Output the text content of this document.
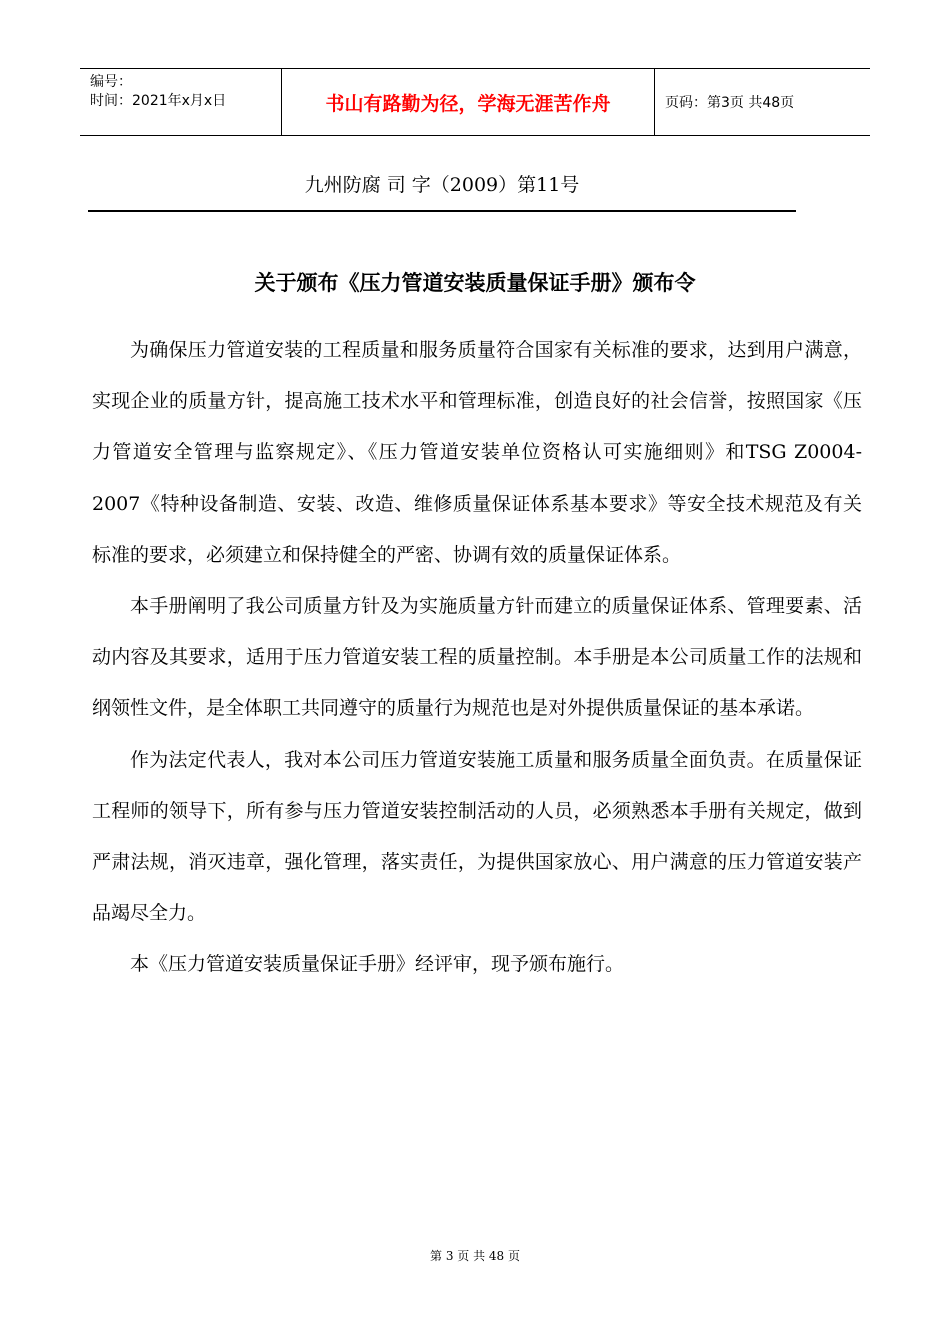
编号：
时间：2021年x月x日	书山有路勤为径，学海无涯苦作舟	页码：第3页 共48页
九州防腐 司 字（2009）第11号
关于颁布《压力管道安装质量保证手册》颁布令

为确保压力管道安装的工程质量和服务质量符合国家有关标准的要求，达到用户满意，实现企业的质量方针，提高施工技术水平和管理标准，创造良好的社会信誉，按照国家《压力管道安全管理与监察规定》、《压力管道安装单位资格认可实施细则》和TSG Z0004-2007《特种设备制造、安装、改造、维修质量保证体系基本要求》等安全技术规范及有关标准的要求，必须建立和保持健全的严密、协调有效的质量保证体系。

本手册阐明了我公司质量方针及为实施质量方针而建立的质量保证体系、管理要素、活动内容及其要求，适用于压力管道安装工程的质量控制。本手册是本公司质量工作的法规和纲领性文件，是全体职工共同遵守的质量行为规范也是对外提供质量保证的基本承诺。

作为法定代表人，我对本公司压力管道安装施工质量和服务质量全面负责。在质量保证工程师的领导下，所有参与压力管道安装控制活动的人员，必须熟悉本手册有关规定，做到严肃法规，消灭违章，强化管理，落实责任，为提供国家放心、用户满意的压力管道安装产品竭尽全力。

本《压力管道安装质量保证手册》经评审，现予颁布施行。

第 3 页 共 48 页
